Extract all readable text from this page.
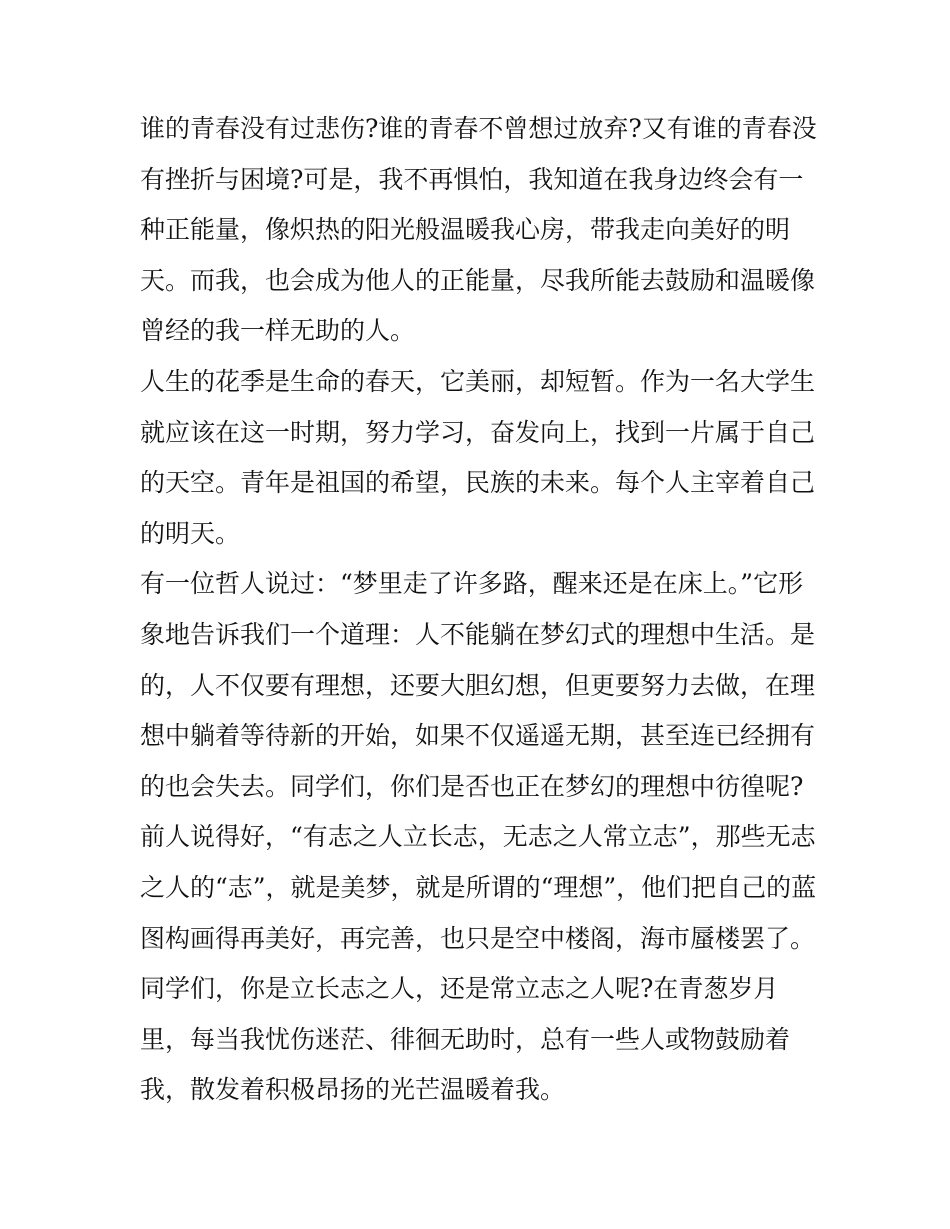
谁的青春没有过悲伤?谁的青春不曾想过放弃?又有谁的青春没
有挫折与困境?可是，我不再惧怕，我知道在我身边终会有一
种正能量，像炽热的阳光般温暖我心房，带我走向美好的明
天。而我，也会成为他人的正能量，尽我所能去鼓励和温暖像
曾经的我一样无助的人。
人生的花季是生命的春天，它美丽，却短暂。作为一名大学生
就应该在这一时期，努力学习，奋发向上，找到一片属于自己
的天空。青年是祖国的希望，民族的未来。每个人主宰着自己
的明天。
有一位哲人说过：“梦里走了许多路，醒来还是在床上。”它形
象地告诉我们一个道理：人不能躺在梦幻式的理想中生活。是
的，人不仅要有理想，还要大胆幻想，但更要努力去做，在理
想中躺着等待新的开始，如果不仅遥遥无期，甚至连已经拥有
的也会失去。同学们，你们是否也正在梦幻的理想中彷徨呢?
前人说得好，“有志之人立长志，无志之人常立志”，那些无志
之人的“志”，就是美梦，就是所谓的“理想”，他们把自己的蓝
图构画得再美好，再完善，也只是空中楼阁，海市蜃楼罢了。
同学们，你是立长志之人，还是常立志之人呢?在青葱岁月
里，每当我忧伤迷茫、徘徊无助时，总有一些人或物鼓励着
我，散发着积极昂扬的光芒温暖着我。
